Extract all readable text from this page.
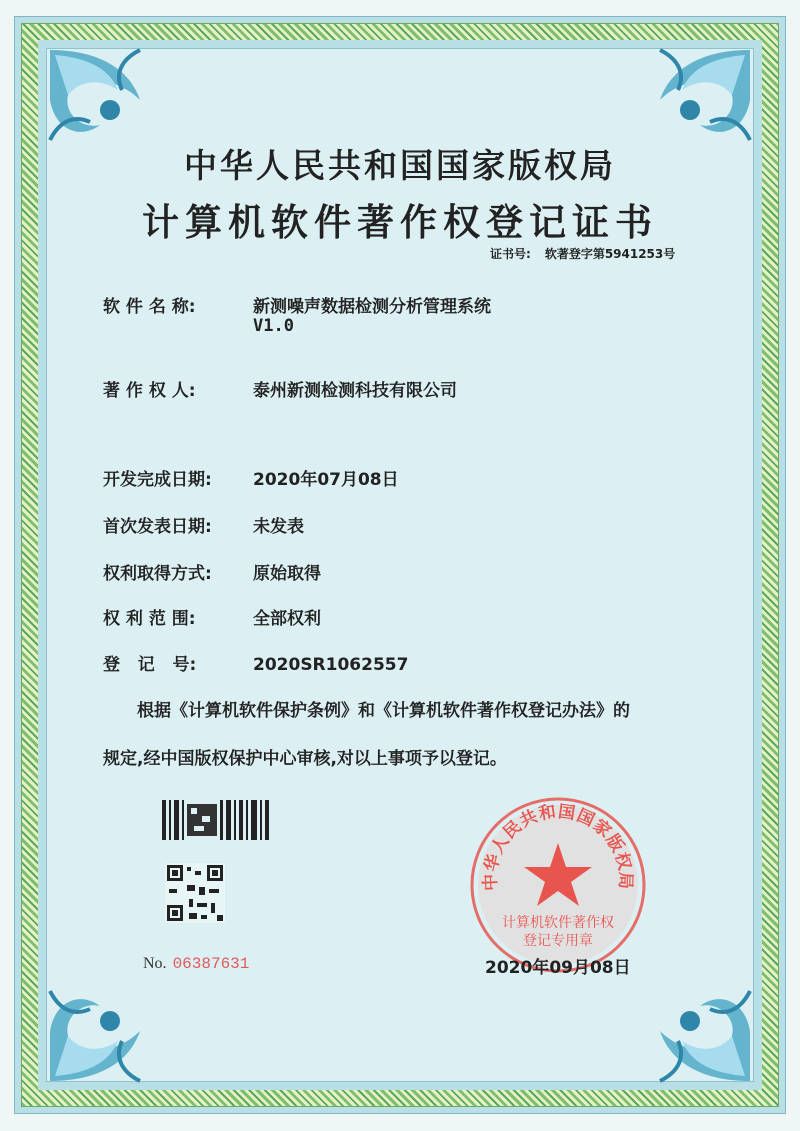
中华人民共和国国家版权局
计算机软件著作权登记证书
证书号: 软著登字第5941253号
软 件 名 称:	新测噪声数据检测分析管理系统
V1.0
著 作 权 人:	泰州新测检测科技有限公司
开发完成日期: 2020年07月08日
首次发表日期: 未发表
权利取得方式: 原始取得
权 利 范 围:	全部权利
登   记   号:	2020SR1062557
根据《计算机软件保护条例》和《计算机软件著作权登记办法》的
规定,经中国版权保护中心审核,对以上事项予以登记。
No. 06387631
中华人民共和国国家版权局
计算机软件著作权
登记专用章
2020年09月08日
